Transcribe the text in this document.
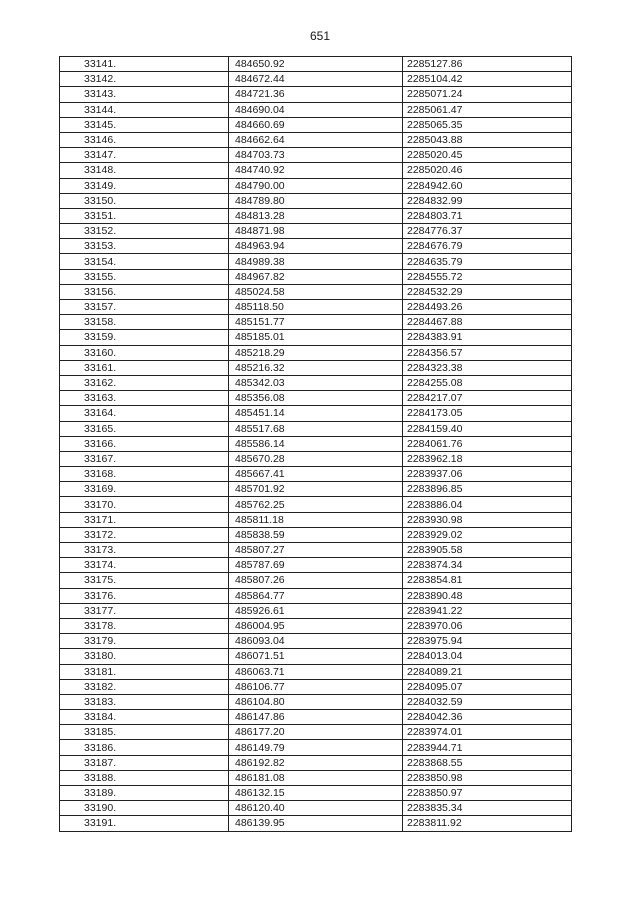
651
33141.	484650.92	2285127.86
33142.	484672.44	2285104.42
33143.	484721.36	2285071.24
33144.	484690.04	2285061.47
33145.	484660.69	2285065.35
33146.	484662.64	2285043.88
33147.	484703.73	2285020.45
33148.	484740.92	2285020.46
33149.	484790.00	2284942.60
33150.	484789.80	2284832.99
33151.	484813.28	2284803.71
33152.	484871.98	2284776.37
33153.	484963.94	2284676.79
33154.	484989.38	2284635.79
33155.	484967.82	2284555.72
33156.	485024.58	2284532.29
33157.	485118.50	2284493.26
33158.	485151.77	2284467.88
33159.	485185.01	2284383.91
33160.	485218.29	2284356.57
33161.	485216.32	2284323.38
33162.	485342.03	2284255.08
33163.	485356.08	2284217.07
33164.	485451.14	2284173.05
33165.	485517.68	2284159.40
33166.	485586.14	2284061.76
33167.	485670.28	2283962.18
33168.	485667.41	2283937.06
33169.	485701.92	2283896.85
33170.	485762.25	2283886.04
33171.	485811.18	2283930.98
33172.	485838.59	2283929.02
33173.	485807.27	2283905.58
33174.	485787.69	2283874.34
33175.	485807.26	2283854.81
33176.	485864.77	2283890.48
33177.	485926.61	2283941.22
33178.	486004.95	2283970.06
33179.	486093.04	2283975.94
33180.	486071.51	2284013.04
33181.	486063.71	2284089.21
33182.	486106.77	2284095.07
33183.	486104.80	2284032.59
33184.	486147.86	2284042.36
33185.	486177.20	2283974.01
33186.	486149.79	2283944.71
33187.	486192.82	2283868.55
33188.	486181.08	2283850.98
33189.	486132.15	2283850.97
33190.	486120.40	2283835.34
33191.	486139.95	2283811.92
